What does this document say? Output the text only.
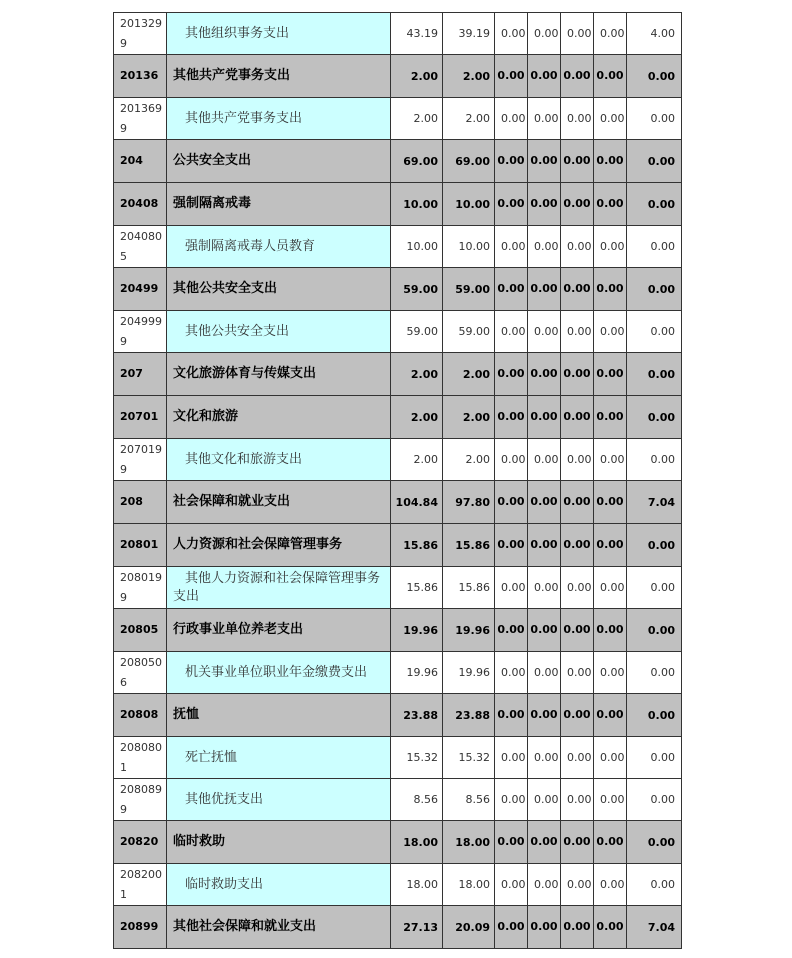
2013299	其他组织事务支出	43.19	39.19	0.00	0.00	0.00	0.00	4.00
20136	其他共产党事务支出	2.00	2.00	0.00	0.00	0.00	0.00	0.00
2013699	其他共产党事务支出	2.00	2.00	0.00	0.00	0.00	0.00	0.00
204	公共安全支出	69.00	69.00	0.00	0.00	0.00	0.00	0.00
20408	强制隔离戒毒	10.00	10.00	0.00	0.00	0.00	0.00	0.00
2040805	强制隔离戒毒人员教育	10.00	10.00	0.00	0.00	0.00	0.00	0.00
20499	其他公共安全支出	59.00	59.00	0.00	0.00	0.00	0.00	0.00
2049999	其他公共安全支出	59.00	59.00	0.00	0.00	0.00	0.00	0.00
207	文化旅游体育与传媒支出	2.00	2.00	0.00	0.00	0.00	0.00	0.00
20701	文化和旅游	2.00	2.00	0.00	0.00	0.00	0.00	0.00
2070199	其他文化和旅游支出	2.00	2.00	0.00	0.00	0.00	0.00	0.00
208	社会保障和就业支出	104.84	97.80	0.00	0.00	0.00	0.00	7.04
20801	人力资源和社会保障管理事务	15.86	15.86	0.00	0.00	0.00	0.00	0.00
2080199	其他人力资源和社会保障管理事务支出	15.86	15.86	0.00	0.00	0.00	0.00	0.00
20805	行政事业单位养老支出	19.96	19.96	0.00	0.00	0.00	0.00	0.00
2080506	机关事业单位职业年金缴费支出	19.96	19.96	0.00	0.00	0.00	0.00	0.00
20808	抚恤	23.88	23.88	0.00	0.00	0.00	0.00	0.00
2080801	死亡抚恤	15.32	15.32	0.00	0.00	0.00	0.00	0.00
2080899	其他优抚支出	8.56	8.56	0.00	0.00	0.00	0.00	0.00
20820	临时救助	18.00	18.00	0.00	0.00	0.00	0.00	0.00
2082001	临时救助支出	18.00	18.00	0.00	0.00	0.00	0.00	0.00
20899	其他社会保障和就业支出	27.13	20.09	0.00	0.00	0.00	0.00	7.04
